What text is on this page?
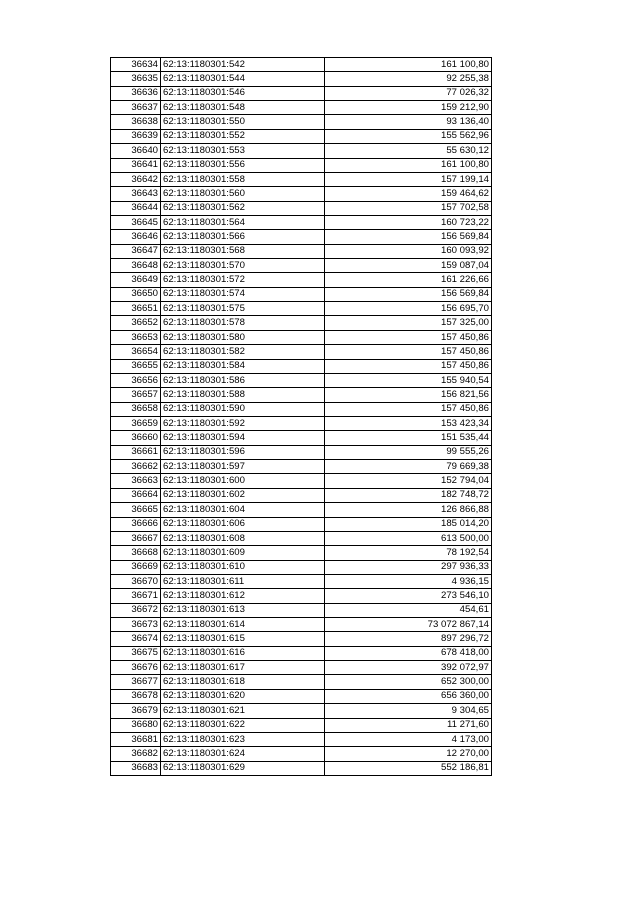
36634	62:13:1180301:542	161 100,80
36635	62:13:1180301:544	92 255,38
36636	62:13:1180301:546	77 026,32
36637	62:13:1180301:548	159 212,90
36638	62:13:1180301:550	93 136,40
36639	62:13:1180301:552	155 562,96
36640	62:13:1180301:553	55 630,12
36641	62:13:1180301:556	161 100,80
36642	62:13:1180301:558	157 199,14
36643	62:13:1180301:560	159 464,62
36644	62:13:1180301:562	157 702,58
36645	62:13:1180301:564	160 723,22
36646	62:13:1180301:566	156 569,84
36647	62:13:1180301:568	160 093,92
36648	62:13:1180301:570	159 087,04
36649	62:13:1180301:572	161 226,66
36650	62:13:1180301:574	156 569,84
36651	62:13:1180301:575	156 695,70
36652	62:13:1180301:578	157 325,00
36653	62:13:1180301:580	157 450,86
36654	62:13:1180301:582	157 450,86
36655	62:13:1180301:584	157 450,86
36656	62:13:1180301:586	155 940,54
36657	62:13:1180301:588	156 821,56
36658	62:13:1180301:590	157 450,86
36659	62:13:1180301:592	153 423,34
36660	62:13:1180301:594	151 535,44
36661	62:13:1180301:596	99 555,26
36662	62:13:1180301:597	79 669,38
36663	62:13:1180301:600	152 794,04
36664	62:13:1180301:602	182 748,72
36665	62:13:1180301:604	126 866,88
36666	62:13:1180301:606	185 014,20
36667	62:13:1180301:608	613 500,00
36668	62:13:1180301:609	78 192,54
36669	62:13:1180301:610	297 936,33
36670	62:13:1180301:611	4 936,15
36671	62:13:1180301:612	273 546,10
36672	62:13:1180301:613	454,61
36673	62:13:1180301:614	73 072 867,14
36674	62:13:1180301:615	897 296,72
36675	62:13:1180301:616	678 418,00
36676	62:13:1180301:617	392 072,97
36677	62:13:1180301:618	652 300,00
36678	62:13:1180301:620	656 360,00
36679	62:13:1180301:621	9 304,65
36680	62:13:1180301:622	11 271,60
36681	62:13:1180301:623	4 173,00
36682	62:13:1180301:624	12 270,00
36683	62:13:1180301:629	552 186,81
